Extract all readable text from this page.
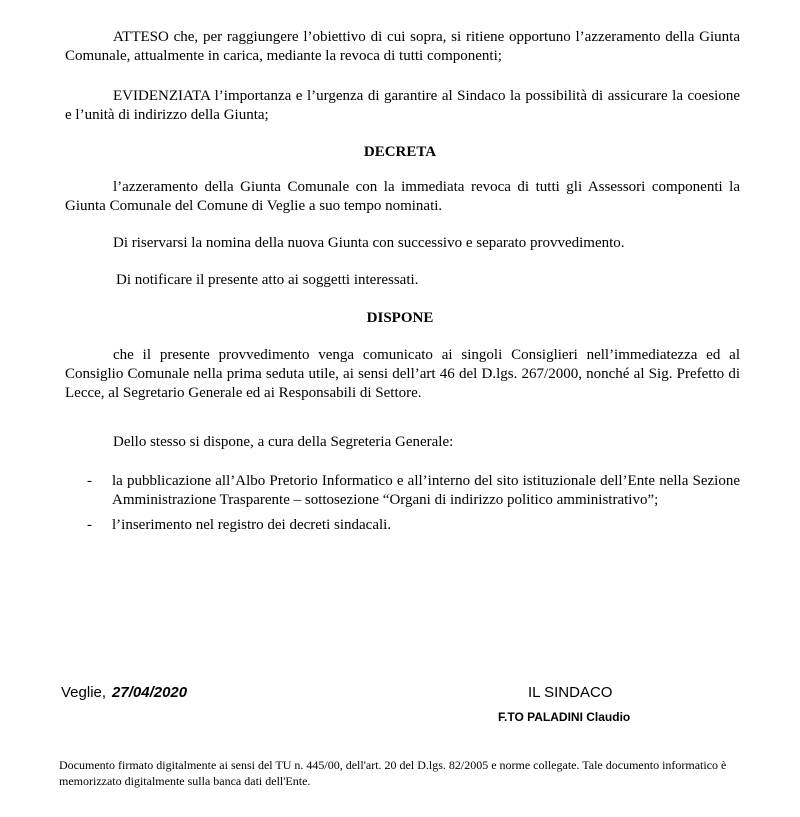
ATTESO che, per raggiungere l’obiettivo di cui sopra, si ritiene opportuno l’azzeramento della Giunta Comunale, attualmente in carica, mediante la revoca di tutti componenti;

EVIDENZIATA l’importanza e l’urgenza di garantire al Sindaco la possibilità di assicurare la coesione e l’unità di indirizzo della Giunta;

DECRETA

l’azzeramento della Giunta Comunale con la immediata revoca di tutti gli Assessori componenti la Giunta Comunale del Comune di Veglie a suo tempo nominati.

Di riservarsi la nomina della nuova Giunta con successivo e separato provvedimento.

Di notificare il presente atto ai soggetti interessati.

DISPONE

che il presente provvedimento venga comunicato ai singoli Consiglieri nell’immediatezza ed al Consiglio Comunale nella prima seduta utile, ai sensi dell’art 46 del D.lgs. 267/2000, nonché al Sig. Prefetto di Lecce, al Segretario Generale ed ai Responsabili di Settore.

Dello stesso si dispone, a cura della Segreteria Generale:

- la pubblicazione all’Albo Pretorio Informatico e all’interno del sito istituzionale dell’Ente nella Sezione Amministrazione Trasparente – sottosezione “Organi di indirizzo politico amministrativo”;
- l’inserimento nel registro dei decreti sindacali.
Veglie, 27/04/2020	IL SINDACO
F.TO PALADINI Claudio

Documento firmato digitalmente ai sensi del TU n. 445/00, dell'art. 20 del D.lgs. 82/2005 e norme collegate. Tale documento informatico è memorizzato digitalmente sulla banca dati dell'Ente.
